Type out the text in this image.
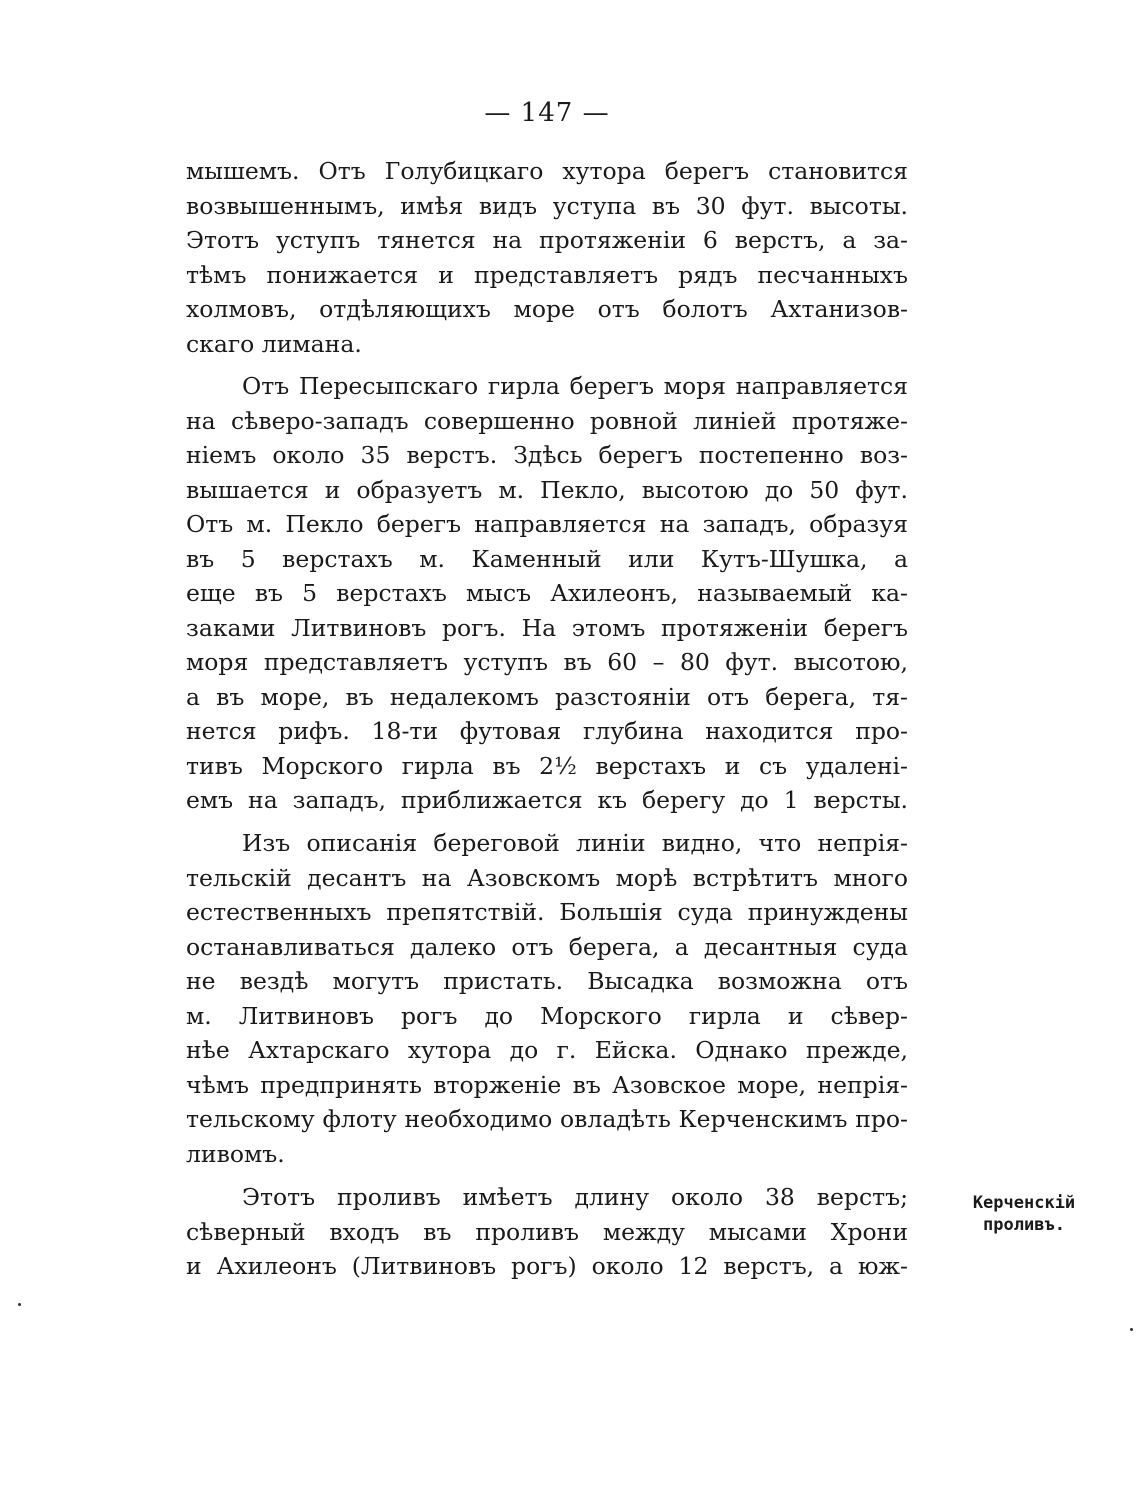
— 147 —
мышемъ. Отъ Голубицкаго хутора берегъ становится
возвышеннымъ, имѣя видъ уступа въ 30 фут. высоты.
Этотъ уступъ тянется на протяженiи 6 верстъ, а за-
тѣмъ понижается и представляетъ рядъ песчанныхъ
холмовъ, отдѣляющихъ море отъ болотъ Ахтанизов-
скаго лимана.
Отъ Пересыпскаго гирла берегъ моря направляется
на сѣверо-западъ совершенно ровной линiей протяже-
нiемъ около 35 верстъ. Здѣсь берегъ постепенно воз-
вышается и образуетъ м. Пекло, высотою до 50 фут.
Отъ м. Пекло берегъ направляется на западъ, образуя
въ 5 верстахъ м. Каменный или Кутъ-Шушка, а
еще въ 5 верстахъ мысъ Ахилеонъ, называемый ка-
заками Литвиновъ рогъ. На этомъ протяженiи берегъ
моря представляетъ уступъ въ 60 – 80 фут. высотою,
а въ море, въ недалекомъ разстоянiи отъ берега, тя-
нется рифъ. 18-ти футовая глубина находится про-
тивъ Морского гирла въ 2½ верстахъ и съ удаленi-
емъ на западъ, приближается къ берегу до 1 версты.
Изъ описанiя береговой линiи видно, что непрiя-
тельскiй десантъ на Азовскомъ морѣ встрѣтитъ много
естественныхъ препятствiй. Большiя суда принуждены
останавливаться далеко отъ берега, а десантныя суда
не вездѣ могутъ пристать. Высадка возможна отъ
м. Литвиновъ рогъ до Морского гирла и сѣвер-
нѣе Ахтарскаго хутора до г. Ейска. Однако прежде,
чѣмъ предпринять вторженiе въ Азовское море, непрiя-
тельскому флоту необходимо овладѣть Керченскимъ про-
ливомъ.
Этотъ проливъ имѣетъ длину около 38 верстъ;
сѣверный входъ въ проливъ между мысами Хрони
и Ахилеонъ (Литвиновъ рогъ) около 12 верстъ, а юж-
Керченскiй
проливъ.
